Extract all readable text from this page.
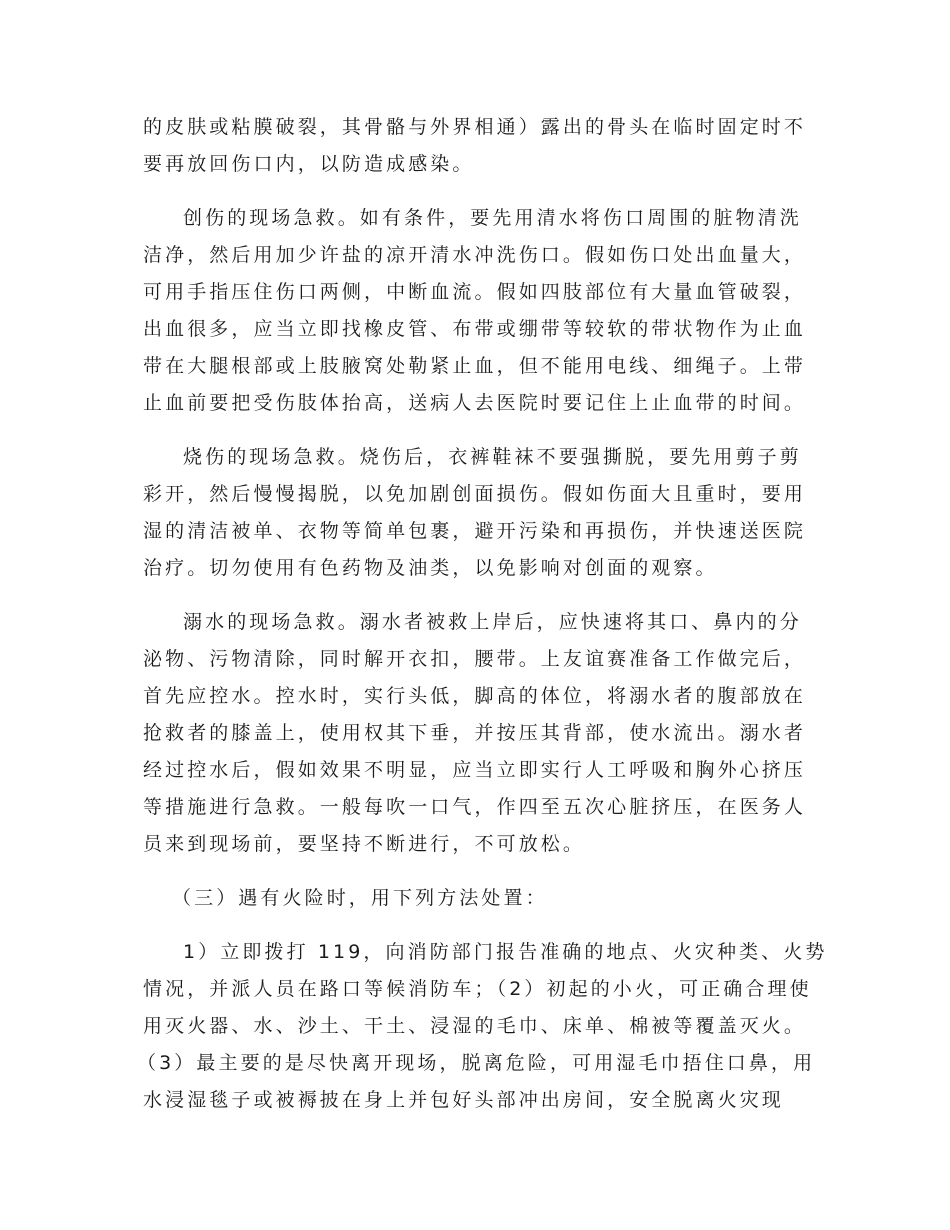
的皮肤或粘膜破裂，其骨骼与外界相通）露出的骨头在临时固定时不

要再放回伤口内，以防造成感染。

创伤的现场急救。如有条件，要先用清水将伤口周围的脏物清洗

洁净，然后用加少许盐的凉开清水冲洗伤口。假如伤口处出血量大，

可用手指压住伤口两侧，中断血流。假如四肢部位有大量血管破裂，

出血很多，应当立即找橡皮管、布带或绷带等较软的带状物作为止血

带在大腿根部或上肢腋窝处勒紧止血，但不能用电线、细绳子。上带

止血前要把受伤肢体抬高，送病人去医院时要记住上止血带的时间。

烧伤的现场急救。烧伤后，衣裤鞋袜不要强撕脱，要先用剪子剪

彩开，然后慢慢揭脱，以免加剧创面损伤。假如伤面大且重时，要用

湿的清洁被单、衣物等简单包裹，避开污染和再损伤，并快速送医院

治疗。切勿使用有色药物及油类，以免影响对创面的观察。

溺水的现场急救。溺水者被救上岸后，应快速将其口、鼻内的分

泌物、污物清除，同时解开衣扣，腰带。上友谊赛准备工作做完后，

首先应控水。控水时，实行头低，脚高的体位，将溺水者的腹部放在

抢救者的膝盖上，使用权其下垂，并按压其背部，使水流出。溺水者

经过控水后，假如效果不明显，应当立即实行人工呼吸和胸外心挤压

等措施进行急救。一般每吹一口气，作四至五次心脏挤压，在医务人

员来到现场前，要坚持不断进行，不可放松。

（三）遇有火险时，用下列方法处置：

1）立即拨打 119，向消防部门报告准确的地点、火灾种类、火势

情况，并派人员在路口等候消防车；（2）初起的小火，可正确合理使

用灭火器、水、沙土、干土、浸湿的毛巾、床单、棉被等覆盖灭火。

（3）最主要的是尽快离开现场，脱离危险，可用湿毛巾捂住口鼻，用

水浸湿毯子或被褥披在身上并包好头部冲出房间，安全脱离火灾现
